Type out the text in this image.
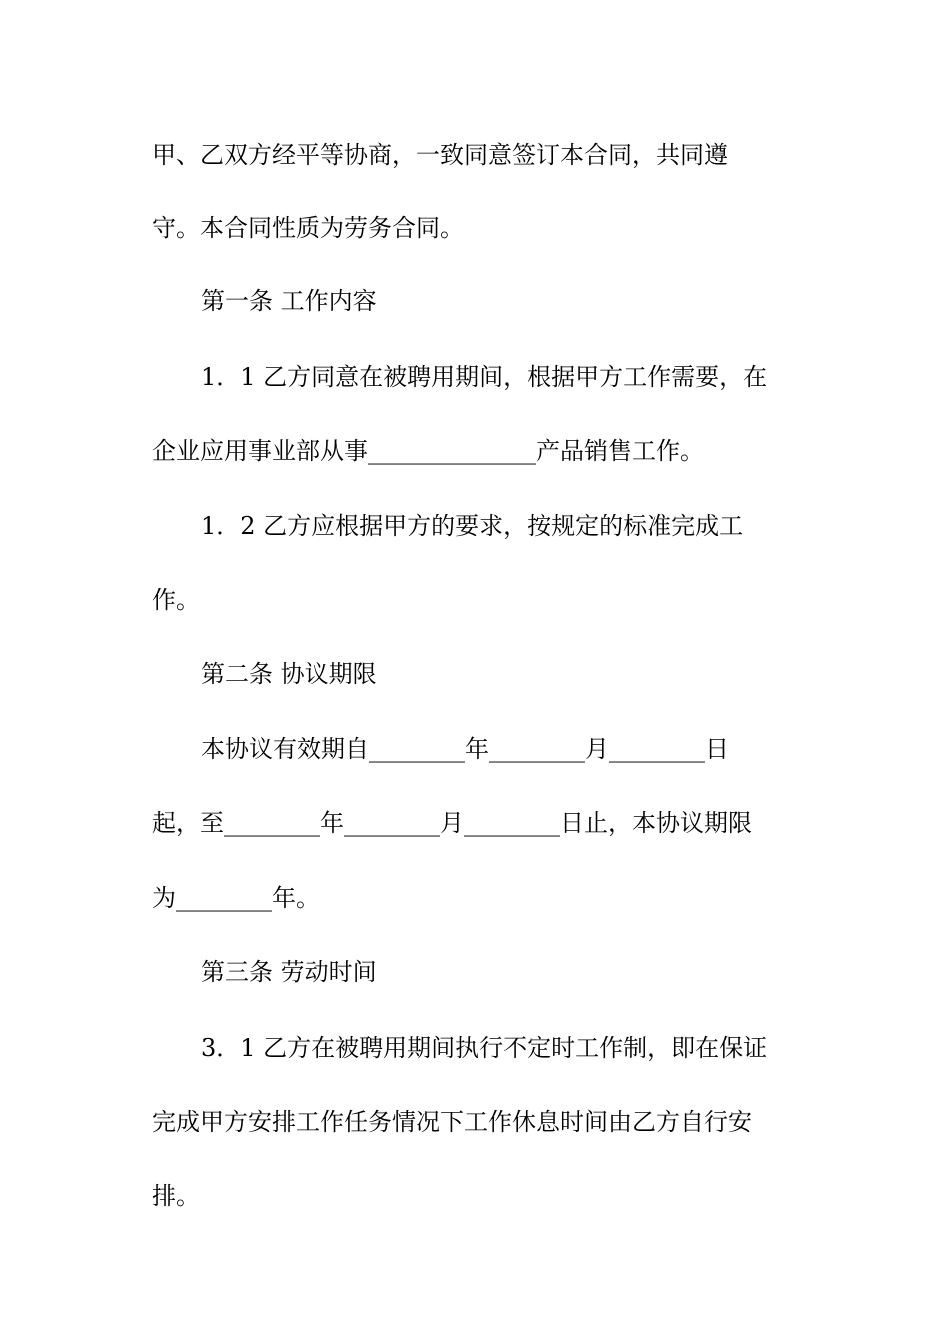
甲、乙双方经平等协商，一致同意签订本合同，共同遵
守。本合同性质为劳务合同。
第一条 工作内容
1．1 乙方同意在被聘用期间，根据甲方工作需要，在
企业应用事业部从事______________产品销售工作。
1．2 乙方应根据甲方的要求，按规定的标准完成工
作。
第二条 协议期限
本协议有效期自________年________月________日
起，至________年________月________日止，本协议期限
为________年。
第三条 劳动时间
3．1 乙方在被聘用期间执行不定时工作制，即在保证
完成甲方安排工作任务情况下工作休息时间由乙方自行安
排。
